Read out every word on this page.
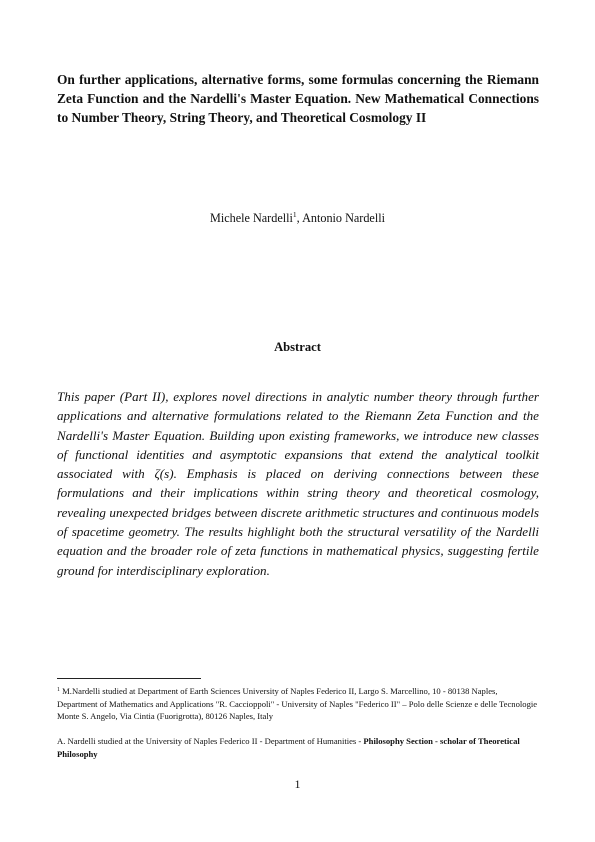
On further applications, alternative forms, some formulas concerning the Riemann Zeta Function and the Nardelli's Master Equation. New Mathematical Connections to Number Theory, String Theory, and Theoretical Cosmology II

Michele Nardelli$^1$, Antonio Nardelli
Abstract

This paper (Part II), explores novel directions in analytic number theory through further applications and alternative formulations related to the Riemann Zeta Function and the Nardelli's Master Equation. Building upon existing frameworks, we introduce new classes of functional identities and asymptotic expansions that extend the analytical toolkit associated with ζ(s). Emphasis is placed on deriving connections between these formulations and their implications within string theory and theoretical cosmology, revealing unexpected bridges between discrete arithmetic structures and continuous models of spacetime geometry. The results highlight both the structural versatility of the Nardelli equation and the broader role of zeta functions in mathematical physics, suggesting fertile ground for interdisciplinary exploration.

$^1$ M.Nardelli studied at Department of Earth Sciences University of Naples Federico II, Largo S. Marcellino, 10 - 80138 Naples, Department of Mathematics and Applications "R. Caccioppoli" - University of Naples "Federico II" – Polo delle Scienze e delle Tecnologie Monte S. Angelo, Via Cintia (Fuorigrotta), 80126 Naples, Italy

A. Nardelli studied at the University of Naples Federico II - Department of Humanities - Philosophy Section - scholar of Theoretical Philosophy

1
